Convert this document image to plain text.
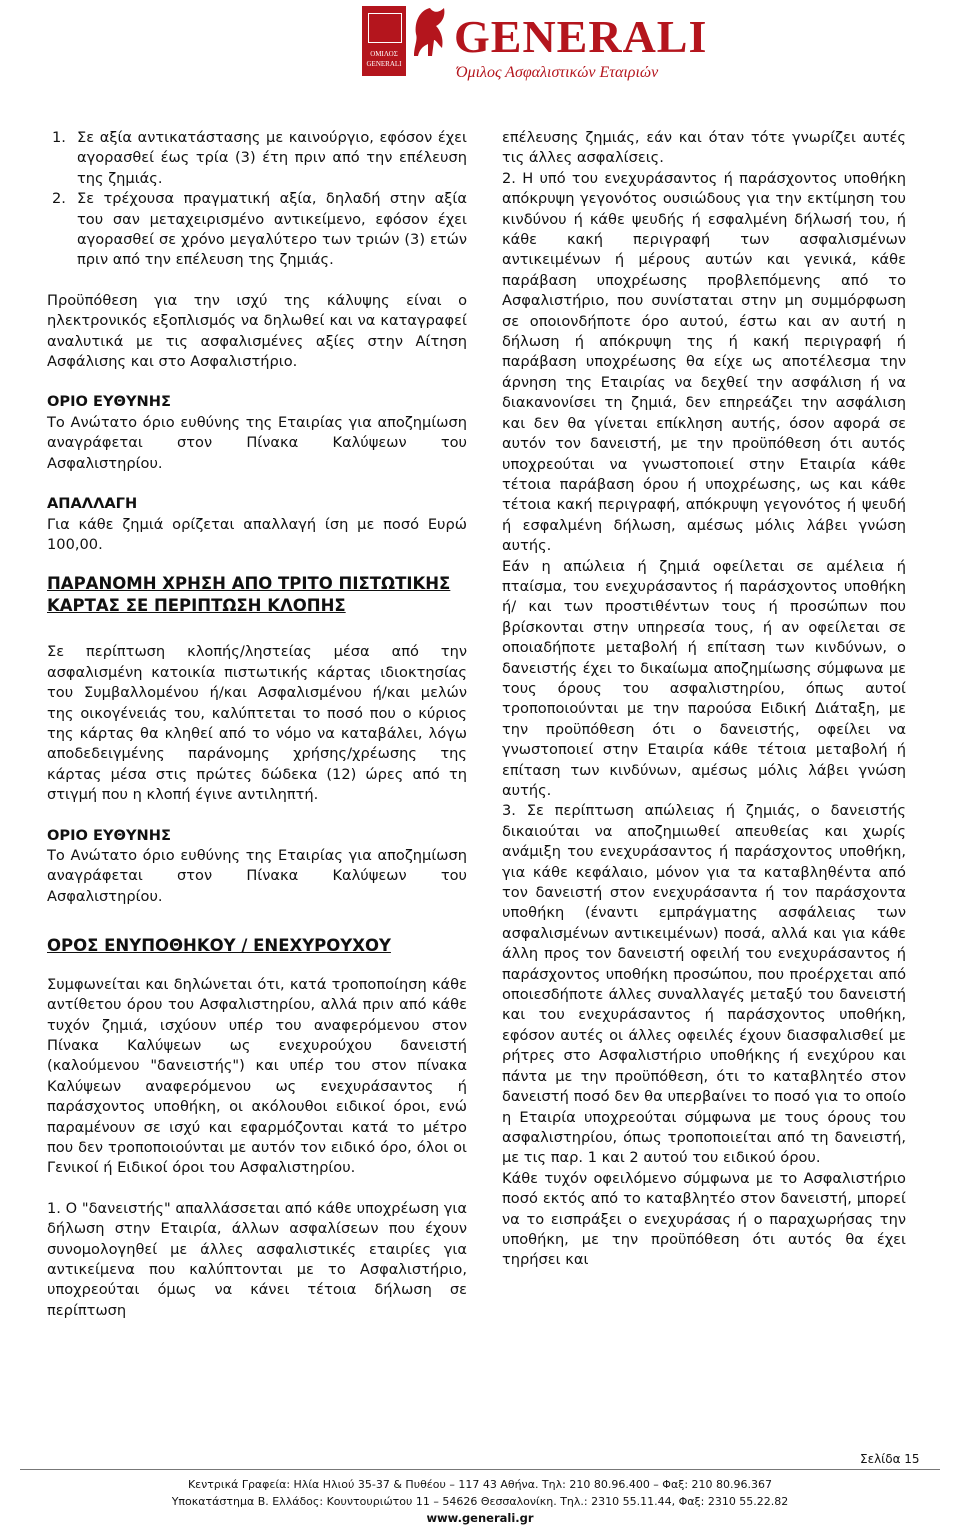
ΟΜΙΛΟΣ
GENERALI
GENERALI
Όμιλος Ασφαλιστικών Εταιριών
1. Σε αξία αντικατάστασης με καινούργιο, εφόσον έχει αγορασθεί έως τρία (3) έτη πριν από την επέλευση της ζημιάς.
2. Σε τρέχουσα πραγματική αξία, δηλαδή στην αξία του σαν μεταχειρισμένο αντικείμενο, εφόσον έχει αγορασθεί σε χρόνο μεγαλύτερο των τριών (3) ετών πριν από την επέλευση της ζημιάς.

Προϋπόθεση για την ισχύ της κάλυψης είναι ο ηλεκτρονικός εξοπλισμός να δηλωθεί και να καταγραφεί αναλυτικά με τις ασφαλισμένες αξίες στην Αίτηση Ασφάλισης και στο Ασφαλιστήριο.

ΟΡΙΟ ΕΥΘΥΝΗΣ

Το Ανώτατο όριο ευθύνης της Εταιρίας για αποζημίωση αναγράφεται στον Πίνακα Καλύψεων του Ασφαλιστηρίου.

ΑΠΑΛΛΑΓΗ

Για κάθε ζημιά ορίζεται απαλλαγή ίση με ποσό Ευρώ 100,00.

ΠΑΡΑΝΟΜΗ ΧΡΗΣΗ ΑΠΟ ΤΡΙΤΟ ΠΙΣΤΩΤΙΚΗΣ ΚΑΡΤΑΣ ΣΕ ΠΕΡΙΠΤΩΣΗ ΚΛΟΠΗΣ

Σε περίπτωση κλοπής/ληστείας μέσα από την ασφαλισμένη κατοικία πιστωτικής κάρτας ιδιοκτησίας του Συμβαλλομένου ή/και Ασφαλισμένου ή/και μελών της οικογένειάς του, καλύπτεται το ποσό που ο κύριος της κάρτας θα κληθεί από το νόμο να καταβάλει, λόγω αποδεδειγμένης παράνομης χρήσης/χρέωσης της κάρτας μέσα στις πρώτες δώδεκα (12) ώρες από τη στιγμή που η κλοπή έγινε αντιληπτή.

ΟΡΙΟ ΕΥΘΥΝΗΣ

Το Ανώτατο όριο ευθύνης της Εταιρίας για αποζημίωση αναγράφεται στον Πίνακα Καλύψεων του Ασφαλιστηρίου.

ΟΡΟΣ ΕΝΥΠΟΘΗΚΟΥ / ΕΝΕΧΥΡΟΥΧΟΥ

Συμφωνείται και δηλώνεται ότι, κατά τροποποίηση κάθε αντίθετου όρου του Ασφαλιστηρίου, αλλά πριν από κάθε τυχόν ζημιά, ισχύουν υπέρ του αναφερόμενου στον Πίνακα Καλύψεων ως ενεχυρούχου δανειστή (καλούμενου "δανειστής") και υπέρ του στον πίνακα Καλύψεων αναφερόμενου ως ενεχυράσαντος ή παράσχοντος υποθήκη, οι ακόλουθοι ειδικοί όροι, ενώ παραμένουν σε ισχύ και εφαρμόζονται κατά το μέτρο που δεν τροποποιούνται με αυτόν τον ειδικό όρο, όλοι οι Γενικοί ή Ειδικοί όροι του Ασφαλιστηρίου.

1. Ο "δανειστής" απαλλάσσεται από κάθε υποχρέωση για δήλωση στην Εταιρία, άλλων ασφαλίσεων που έχουν συνομολογηθεί με άλλες ασφαλιστικές εταιρίες για αντικείμενα που καλύπτονται με το Ασφαλιστήριο, υποχρεούται όμως να κάνει τέτοια δήλωση σε περίπτωση

επέλευσης ζημιάς, εάν και όταν τότε γνωρίζει αυτές τις άλλες ασφαλίσεις.

2. Η υπό του ενεχυράσαντος ή παράσχοντος υποθήκη απόκρυψη γεγονότος ουσιώδους για την εκτίμηση του κινδύνου ή κάθε ψευδής ή εσφαλμένη δήλωσή του, ή κάθε κακή περιγραφή των ασφαλισμένων αντικειμένων ή μέρους αυτών και γενικά, κάθε παράβαση υποχρέωσης προβλεπόμενης από το Ασφαλιστήριο, που συνίσταται στην μη συμμόρφωση σε οποιονδήποτε όρο αυτού, έστω και αν αυτή η δήλωση ή απόκρυψη της ή κακή περιγραφή ή παράβαση υποχρέωσης θα είχε ως αποτέλεσμα την άρνηση της Εταιρίας να δεχθεί την ασφάλιση ή να διακανονίσει τη ζημιά, δεν επηρεάζει την ασφάλιση και δεν θα γίνεται επίκληση αυτής, όσον αφορά σε αυτόν τον δανειστή, με την προϋπόθεση ότι αυτός υποχρεούται να γνωστοποιεί στην Εταιρία κάθε τέτοια παράβαση όρου ή υποχρέωσης, ως και κάθε τέτοια κακή περιγραφή, απόκρυψη γεγονότος ή ψευδή ή εσφαλμένη δήλωση, αμέσως μόλις λάβει γνώση αυτής.

Εάν η απώλεια ή ζημιά οφείλεται σε αμέλεια ή πταίσμα, του ενεχυράσαντος ή παράσχοντος υποθήκη ή/ και των προστιθέντων τους ή προσώπων που βρίσκονται στην υπηρεσία τους, ή αν οφείλεται σε οποιαδήποτε μεταβολή ή επίταση των κινδύνων, ο δανειστής έχει το δικαίωμα αποζημίωσης σύμφωνα με τους όρους του ασφαλιστηρίου, όπως αυτοί τροποποιούνται με την παρούσα Ειδική Διάταξη, με την προϋπόθεση ότι ο δανειστής, οφείλει να γνωστοποιεί στην Εταιρία κάθε τέτοια μεταβολή ή επίταση των κινδύνων, αμέσως μόλις λάβει γνώση αυτής.

3. Σε περίπτωση απώλειας ή ζημιάς, ο δανειστής δικαιούται να αποζημιωθεί απευθείας και χωρίς ανάμιξη του ενεχυράσαντος ή παράσχοντος υποθήκη, για κάθε κεφάλαιο, μόνον για τα καταβληθέντα από τον δανειστή στον ενεχυράσαντα ή τον παράσχοντα υποθήκη (έναντι εμπράγματης ασφάλειας των ασφαλισμένων αντικειμένων) ποσά, αλλά και για κάθε άλλη προς τον δανειστή οφειλή του ενεχυράσαντος ή παράσχοντος υποθήκη προσώπου, που προέρχεται από οποιεσδήποτε άλλες συναλλαγές μεταξύ του δανειστή και του ενεχυράσαντος ή παράσχοντος υποθήκη, εφόσον αυτές οι άλλες οφειλές έχουν διασφαλισθεί με ρήτρες στο Ασφαλιστήριο υποθήκης ή ενεχύρου και πάντα με την προϋπόθεση, ότι το καταβλητέο στον δανειστή ποσό δεν θα υπερβαίνει το ποσό για το οποίο η Εταιρία υποχρεούται σύμφωνα με τους όρους του ασφαλιστηρίου, όπως τροποποιείται από τη δανειστή, με τις παρ. 1 και 2 αυτού του ειδικού όρου.

Κάθε τυχόν οφειλόμενο σύμφωνα με το Ασφαλιστήριο ποσό εκτός από το καταβλητέο στον δανειστή, μπορεί να το εισπράξει ο ενεχυράσας ή ο παραχωρήσας την υποθήκη, με την προϋπόθεση ότι αυτός θα έχει τηρήσει και

Σελίδα 15
Κεντρικά Γραφεία: Ηλία Ηλιού 35-37 & Πυθέου – 117 43 Αθήνα. Τηλ: 210 80.96.400 – Φαξ: 210 80.96.367
Υποκατάστημα Β. Ελλάδος: Κουντουριώτου 11 – 54626 Θεσσαλονίκη. Τηλ.: 2310 55.11.44, Φαξ: 2310 55.22.82
www.generali.gr
